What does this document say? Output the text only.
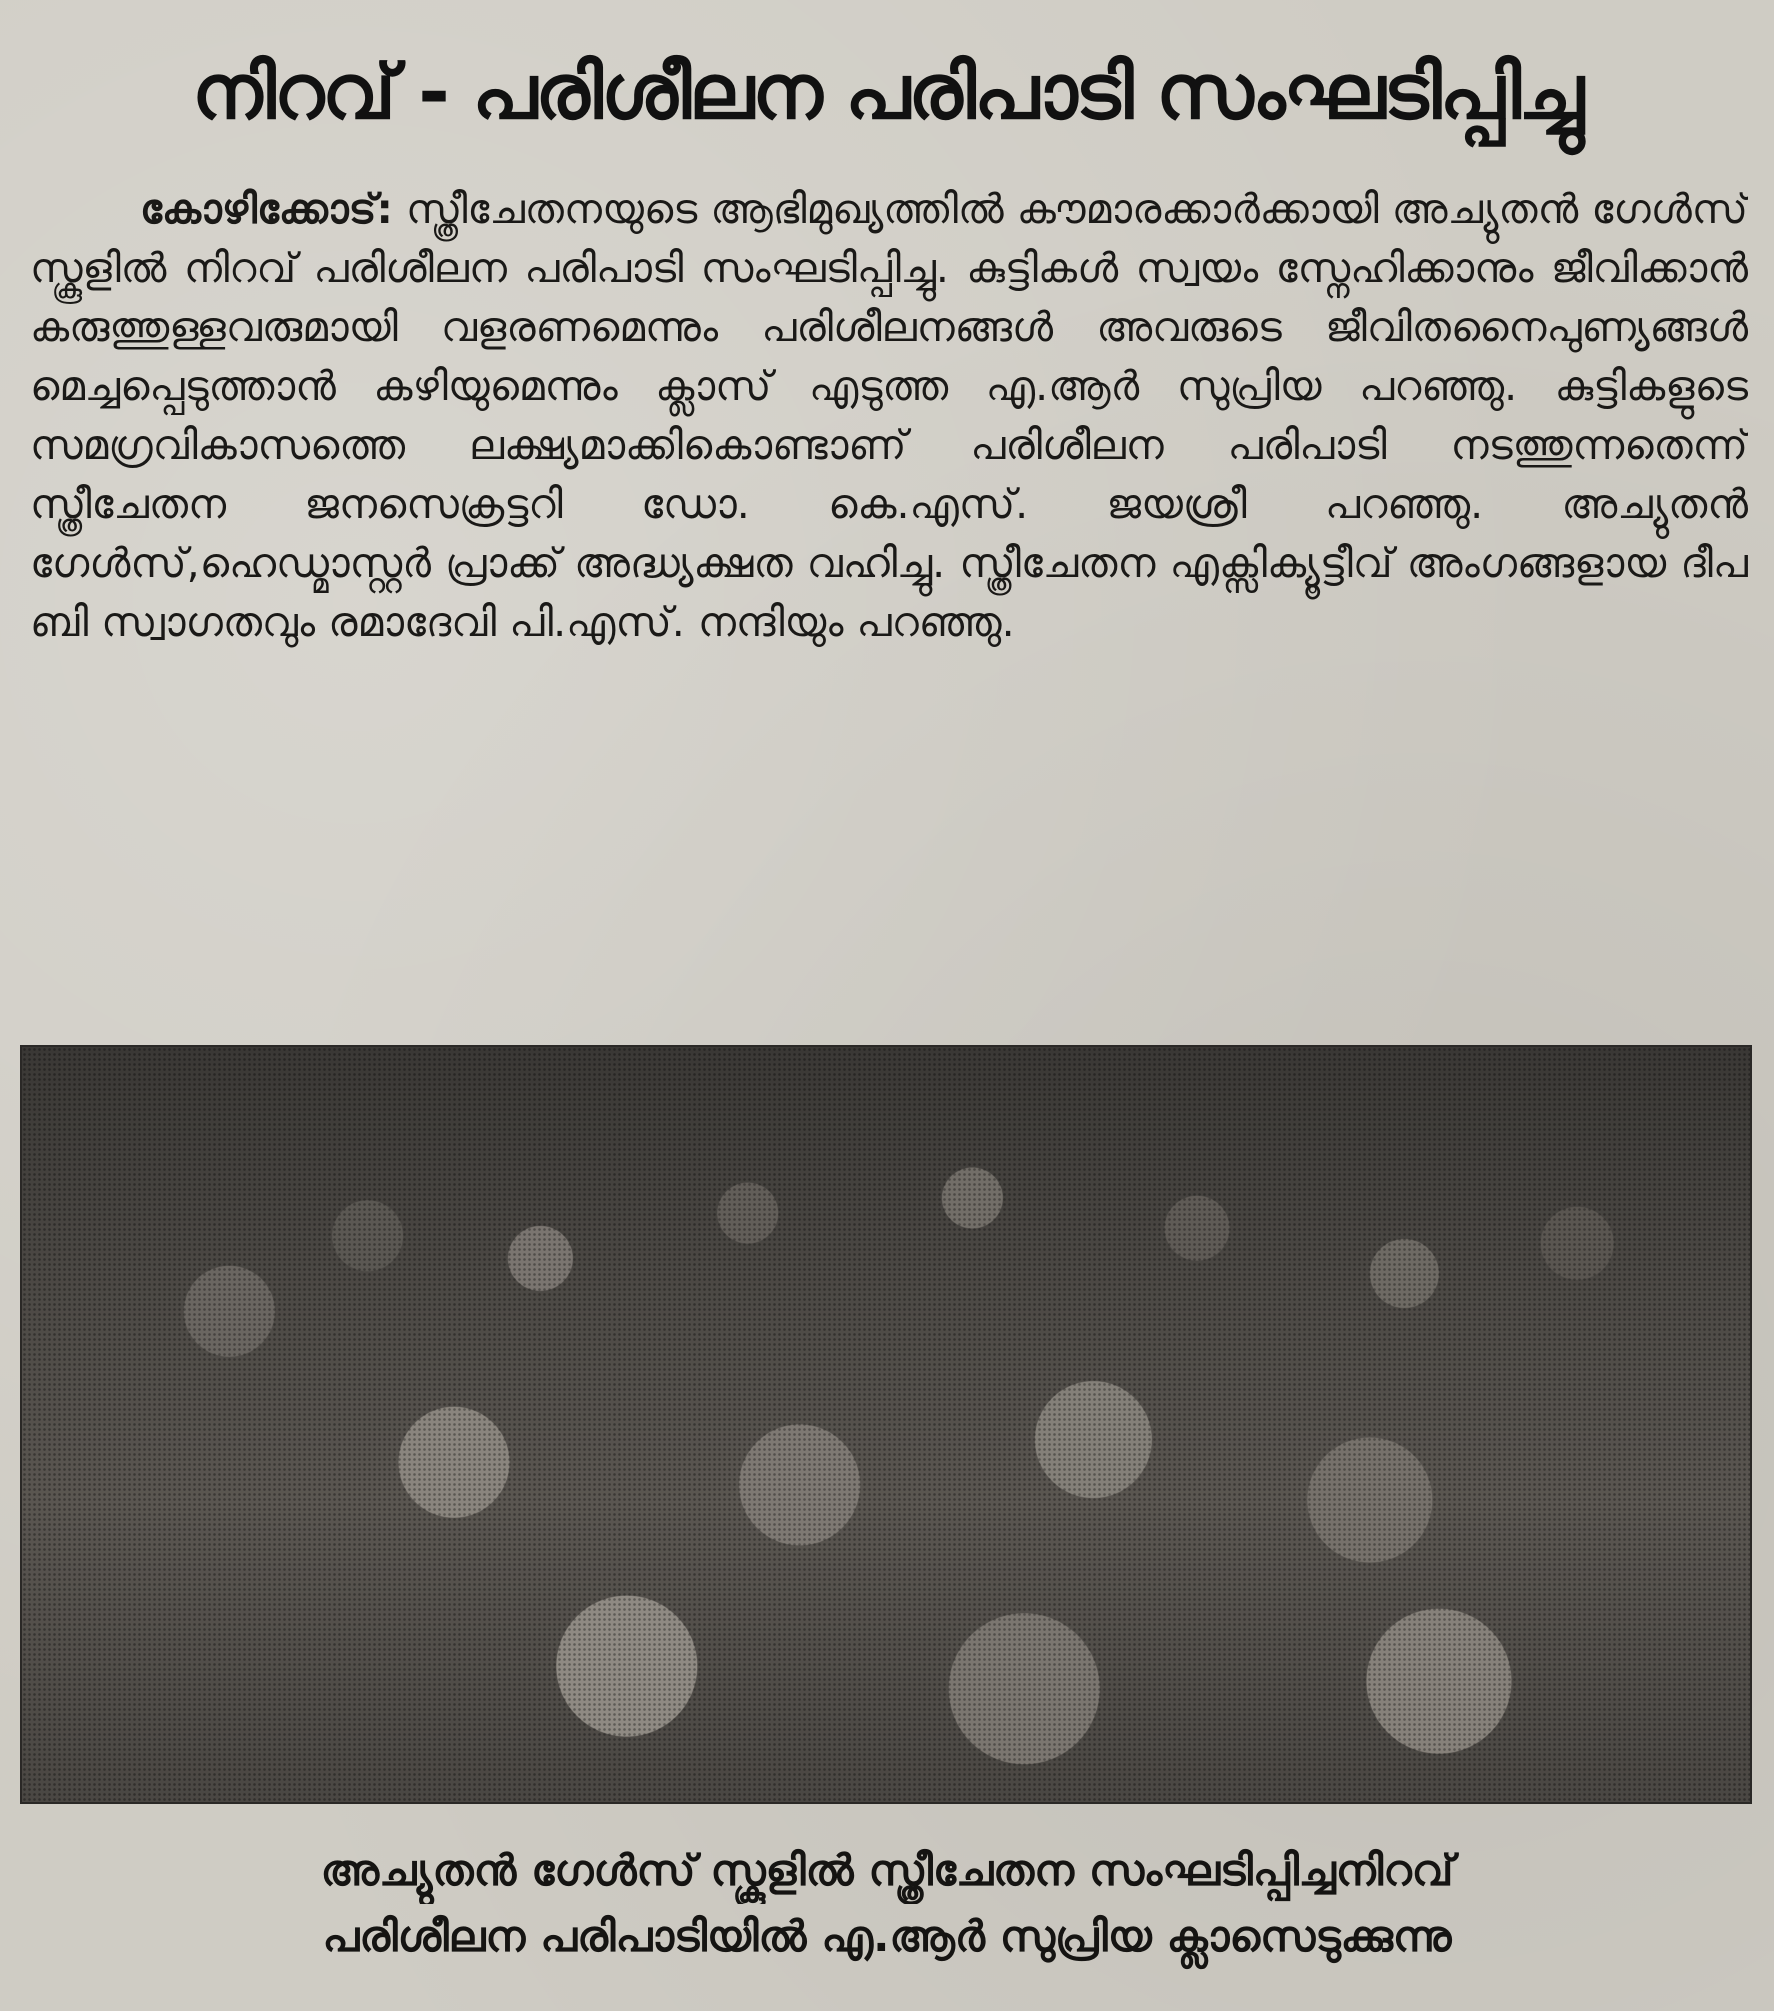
നിറവ് - പരിശീലന പരിപാടി സംഘടിപ്പിച്ചു
കോഴിക്കോട്: സ്ത്രീചേതനയുടെ ആഭിമുഖ്യത്തിൽ കൗമാരക്കാർക്കായി അച്യുതൻ ഗേൾസ് സ്കൂളിൽ നിറവ് പരിശീലന പരിപാടി സംഘടിപ്പിച്ചു. കുട്ടികൾ സ്വയം സ്നേഹിക്കാനും ജീവിക്കാൻ കരുത്തുള്ളവരുമായി വളരണമെന്നും പരിശീലനങ്ങൾ അവരുടെ ജീവിതനൈപുണ്യങ്ങൾ മെച്ചപ്പെടുത്താൻ കഴിയുമെന്നും ക്ലാസ് എടുത്ത എ.ആർ സുപ്രിയ പറഞ്ഞു. കുട്ടികളുടെ സമഗ്രവികാസത്തെ ലക്ഷ്യമാക്കികൊണ്ടാണ് പരിശീലന പരിപാടി നടത്തുന്നതെന്ന് സ്ത്രീചേതന ജനസെക്രട്ടറി ഡോ. കെ.എസ്. ജയശ്രീ പറഞ്ഞു. അച്യുതൻ ഗേൾസ്,ഹെഡ്മാസ്റ്റർ പ്രാക്ക് അദ്ധ്യക്ഷത വഹിച്ചു. സ്ത്രീചേതന എക്സിക്യൂട്ടീവ് അംഗങ്ങളായ ദീപ ബി സ്വാഗതവും രമാദേവി പി.എസ്. നന്ദിയും പറഞ്ഞു.
അച്യുതൻ ഗേൾസ് സ്കൂളിൽ സ്ത്രീചേതന സംഘടിപ്പിച്ചനിറവ്
പരിശീലന പരിപാടിയിൽ എ.ആർ സുപ്രിയ ക്ലാസെടുക്കുന്നു
